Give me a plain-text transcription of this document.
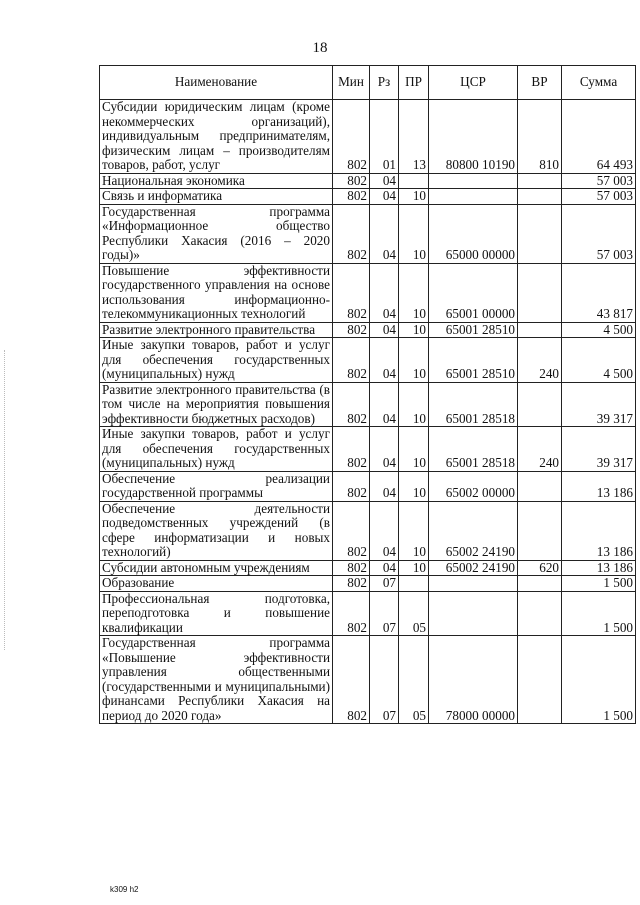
18
Наименование	Мин	Рз	ПР	ЦСР	ВР	Сумма
Субсидии юридическим лицам (кроме некоммерческих организаций), индивидуальным предпринимателям, физическим лицам – производителям товаров, работ, услуг	802	01	13	80800 10190	810	64 493
Национальная экономика	802	04				57 003
Связь и информатика	802	04	10			57 003
Государственная программа «Информационное общество Республики Хакасия (2016 – 2020 годы)»	802	04	10	65000 00000		57 003
Повышение эффективности государственного управления на основе использования информационно-телекоммуникационных технологий	802	04	10	65001 00000		43 817
Развитие электронного правительства	802	04	10	65001 28510		4 500
Иные закупки товаров, работ и услуг для обеспечения государственных (муниципальных) нужд	802	04	10	65001 28510	240	4 500
Развитие электронного правительства (в том числе на мероприятия повышения эффективности бюджетных расходов)	802	04	10	65001 28518		39 317
Иные закупки товаров, работ и услуг для обеспечения государственных (муниципальных) нужд	802	04	10	65001 28518	240	39 317
Обеспечение реализации государственной программы	802	04	10	65002 00000		13 186
Обеспечение деятельности подведомственных учреждений (в сфере информатизации и новых технологий)	802	04	10	65002 24190		13 186
Субсидии автономным учреждениям	802	04	10	65002 24190	620	13 186
Образование	802	07				1 500
Профессиональная подготовка, переподготовка и повышение квалификации	802	07	05			1 500
Государственная программа «Повышение эффективности управления общественными (государственными и муниципальными) финансами Республики Хакасия на период до 2020 года»	802	07	05	78000 00000		1 500
k309 h2
